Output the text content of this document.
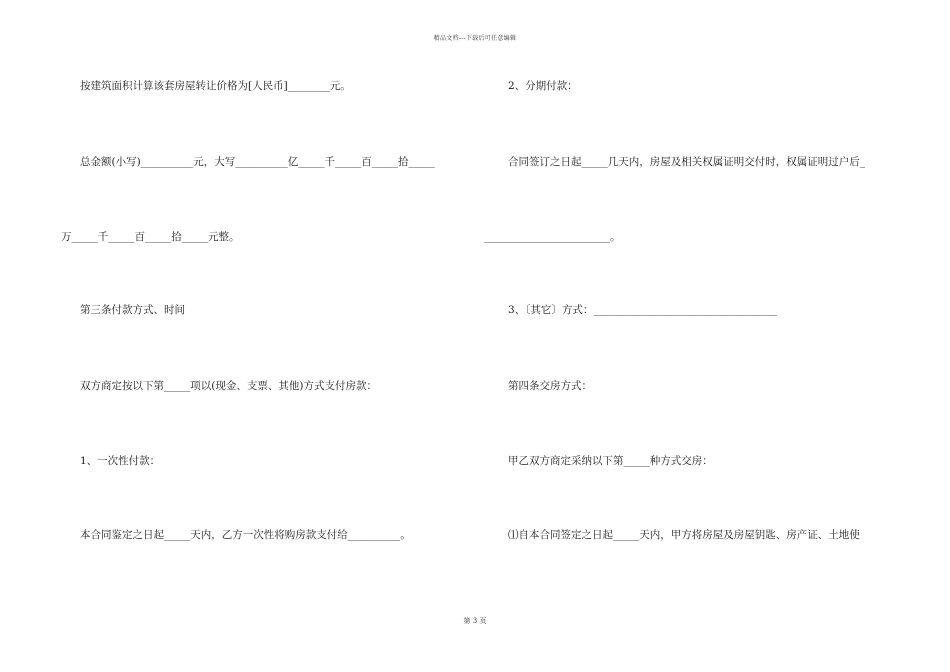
精品文档---下载后可任意编辑
按建筑面积计算该套房屋转让价格为[人民币]________元。
总金额(小写)__________元，大写__________亿_____千_____百_____拾_____
万_____千_____百_____拾_____元整。
第三条付款方式、时间
双方商定按以下第_____项以(现金、支票、其他)方式支付房款：
1、一次性付款：
本合同鉴定之日起_____天内，乙方一次性将购房款支付给__________。
2、分期付款：
合同签订之日起_____几天内，房屋及相关权属证明交付时，权属证明过户后_
________________________。
3、〔其它〕方式：___________________________________
第四条交房方式：
甲乙双方商定采纳以下第_____种方式交房：
⑴自本合同签定之日起_____天内，甲方将房屋及房屋钥匙、房产证、土地使
第 3 页
